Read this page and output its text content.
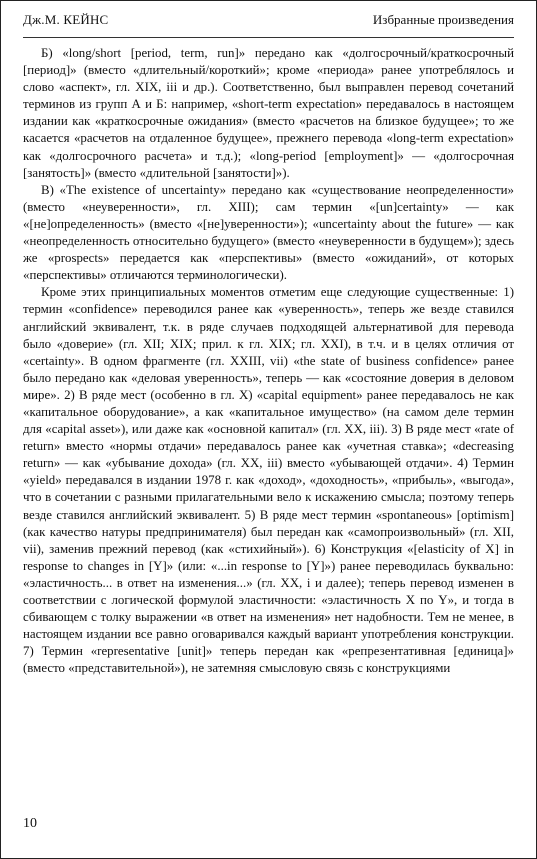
Дж.М. КЕЙНС	Избранные произведения

Б) «long/short [period, term, run]» передано как «долгосрочный/краткосрочный [период]» (вместо «длительный/короткий»; кроме «периода» ранее употреблялось и слово «аспект», гл. XIX, iii и др.). Соответственно, был выправлен перевод сочетаний терминов из групп А и Б: например, «short-term expectation» передавалось в настоящем издании как «краткосрочные ожидания» (вместо «расчетов на близкое будущее»; то же касается «расчетов на отдаленное будущее», прежнего перевода «long-term expectation» как «долгосрочного расчета» и т.д.); «long-period [employment]» — «долгосрочная [занятость]» (вместо «длительной [занятости]»).

В) «The existence of uncertainty» передано как «существование неопределенности» (вместо «неуверенности», гл. XIII); сам термин «[un]certainty» — как «[не]определенность» (вместо «[не]уверенности»); «uncertainty about the future» — как «неопределенность относительно будущего» (вместо «неуверенности в будущем»); здесь же «prospects» передается как «перспективы» (вместо «ожиданий», от которых «перспективы» отличаются терминологически).

Кроме этих принципиальных моментов отметим еще следующие существенные: 1) термин «confidence» переводился ранее как «уверенность», теперь же везде ставился английский эквивалент, т.к. в ряде случаев подходящей альтернативой для перевода было «доверие» (гл. XII; XIX; прил. к гл. XIX; гл. XXI), в т.ч. и в целях отличия от «certainty». В одном фрагменте (гл. XXIII, vii) «the state of business confidence» ранее было передано как «деловая уверенность», теперь — как «состояние доверия в деловом мире». 2) В ряде мест (особенно в гл. X) «capital equipment» ранее передавалось не как «капитальное оборудование», а как «капитальное имущество» (на самом деле термин для «capital asset»), или даже как «основной капитал» (гл. XX, iii). 3) В ряде мест «rate of return» вместо «нормы отдачи» передавалось ранее как «учетная ставка»; «decreasing return» — как «убывание дохода» (гл. XX, iii) вместо «убывающей отдачи». 4) Термин «yield» передавался в издании 1978 г. как «доход», «доходность», «прибыль», «выгода», что в сочетании с разными прилагательными вело к искажению смысла; поэтому теперь везде ставился английский эквивалент. 5) В ряде мест термин «spontaneous» [optimism] (как качество натуры предпринимателя) был передан как «самопроизвольный» (гл. XII, vii), заменив прежний перевод (как «стихийный»). 6) Конструкция «[elasticity of X] in response to changes in [Y]» (или: «...in response to [Y]») ранее переводилась буквально: «эластичность... в ответ на изменения...» (гл. XX, i и далее); теперь перевод изменен в соответствии с логической формулой эластичности: «эластичность X по Y», и тогда в сбивающем с толку выражении «в ответ на изменения» нет надобности. Тем не менее, в настоящем издании все равно оговаривался каждый вариант употребления конструкции. 7) Термин «representative [unit]» теперь передан как «репрезентативная [единица]» (вместо «представительной»), не затемняя смысловую связь с конструкциями

10
